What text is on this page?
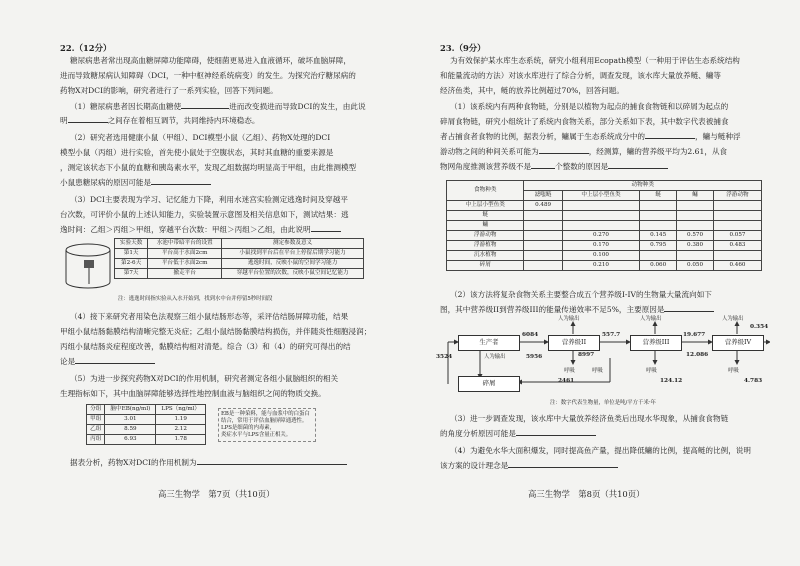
22.（12分）
糖尿病患者常出现高血糖屏障功能障碍，使细菌更易进入血液循环，破坏血脑屏障，
进而导致糖尿病认知障碍（DCI，一种中枢神经系统病变）的发生。为探究治疗糖尿病的
药物X对DCI的影响，研究者进行了一系列实验，回答下列问题。
（1）糖尿病患者因长期高血糖使	进而改变损进而导致DCI的发生，由此说
明	之间存在着相互调节，共同维持内环境稳态。
（2）研究者选用健康小鼠（甲组）、DCI模型小鼠（乙组）、药物X处理的DCI
模型小鼠（丙组）进行实验，首先使小鼠处于空腹状态，其时其血糖的重要来源是
，测定该状态下小鼠的血糖和胰岛素水平，发现乙组数据均明显高于甲组，由此推测模型
小鼠患糖尿病的原因可能是
（3）DCI主要表现为学习、记忆能力下降，利用水迷宫实验测定逃逸时间及穿越平
台次数，可评价小鼠的上述认知能力，实验装置示意图及相关信息如下，测试结果：逃
逸时间：乙组＞丙组＞甲组，穿越平台次数：甲组＞丙组＞乙组，由此说明
实验天数	水池中带暗平台的设置	测定参数及意义
第1天	平台高于水面2cm	小鼠找到平台后在平台上停留后期学习能力
第2-6天	平台低于水面2cm	逃逸时间，反映小鼠的空间学习能力
第7天	撤走平台	穿越平台位置的次数，反映小鼠空间记忆能力
注：逃逸时间指实验从入水开始到，找到水中台并停留5秒时间段
（4）接下来研究者用染色法观察三组小鼠结肠形态等，采评估结肠屏障功能，结果
甲组小鼠结肠黏膜结构清晰完整无炎症；乙组小鼠结肠黏膜结构损伤，并伴随炎性细胞浸润；
丙组小鼠结肠炎症程度改善，黏膜结构相对清楚。综合（3）和（4）的研究可得出的结
论是
（5）为进一步探究药物X对DCI的作用机制，研究者测定各组小鼠脑组织的相关
生理指标如下，其中血脑屏障能够选择性地控制血液与脑组织之间的物质交换。
分组	脑中EB(ng/ml)	LPS（ng/ml）
甲组	3.01	1.19
乙组	8.59	2.12
丙组	6.93	1.78
EB是一种染料，能与血浆中的白蛋白结合，常用于评估血脑屏障通透性。
LPS是细菌的内毒素，
炎症水平与LPS含量正相关。
据表分析，药物X对DCI的作用机制为
高三生物学　第7页（共10页）
23.（9分）
为有效保护某水库生态系统，研究小组利用Ecopath模型（一种用于评估生态系统结构
和能量流动的方法）对该水库进行了综合分析，调查发现，该水库大量放养鲢、鳙等
经济鱼类，其中，鲢的放养比例超过70%，回答问题。
（1）该系统内有两种食物链，分别是以植物为起点的捕食食物链和以碎屑为起点的
碎屑食物链，研究小组统计了系统内食物关系，部分关系如下表，其中数字代表被捕食
者占捕食者食物的比例，据表分析，鳙属于生态系统成分中的	，鳙与鲢种浮
游动物之间的种间关系可能为	，经测算，鳙的营养级平均为2.61，从食
物网角度推测该营养级不是	个整数的原因是
食物种类	动物种类				
	滤嗤鲢	中上层小型鱼类	鲢	鳙	浮游动物
中上层小型鱼类	0.489				
鲢					
鳙					
浮游动物		0.270	0.145	0.570	0.057
浮游植物		0.170	0.795	0.380	0.483
沉水植物		0.100			
碎屑		0.210	0.060	0.050	0.460
（2）该方法将复杂食物关系主要整合成五个营养级I-IV的生物量大量流向如下
图，其中营养级II到营养级III的能量传递效率不足5%，主要原因是
生产者	营养级II	营养级III	营养级IV
碎屑
人为输出	人为输出	人为输出
人为输出
呼吸	呼吸	呼吸
呼吸
6084	557.7	19.677
0.354
3524	5956	8997
2461	124.12
12.086
4.783
注：数字代表生物量，单位是吨/平方千米·年
（3）进一步调查发现，该水库中大量放养经济鱼类后出现水华现象，从捕食食物链
的角度分析原因可能是
（4）为避免水华大面积爆发，同时提高鱼产量，提出降低鳙的比例，提高鲢的比例，说明
该方案的设计理念是
高三生物学　第8页（共10页）
